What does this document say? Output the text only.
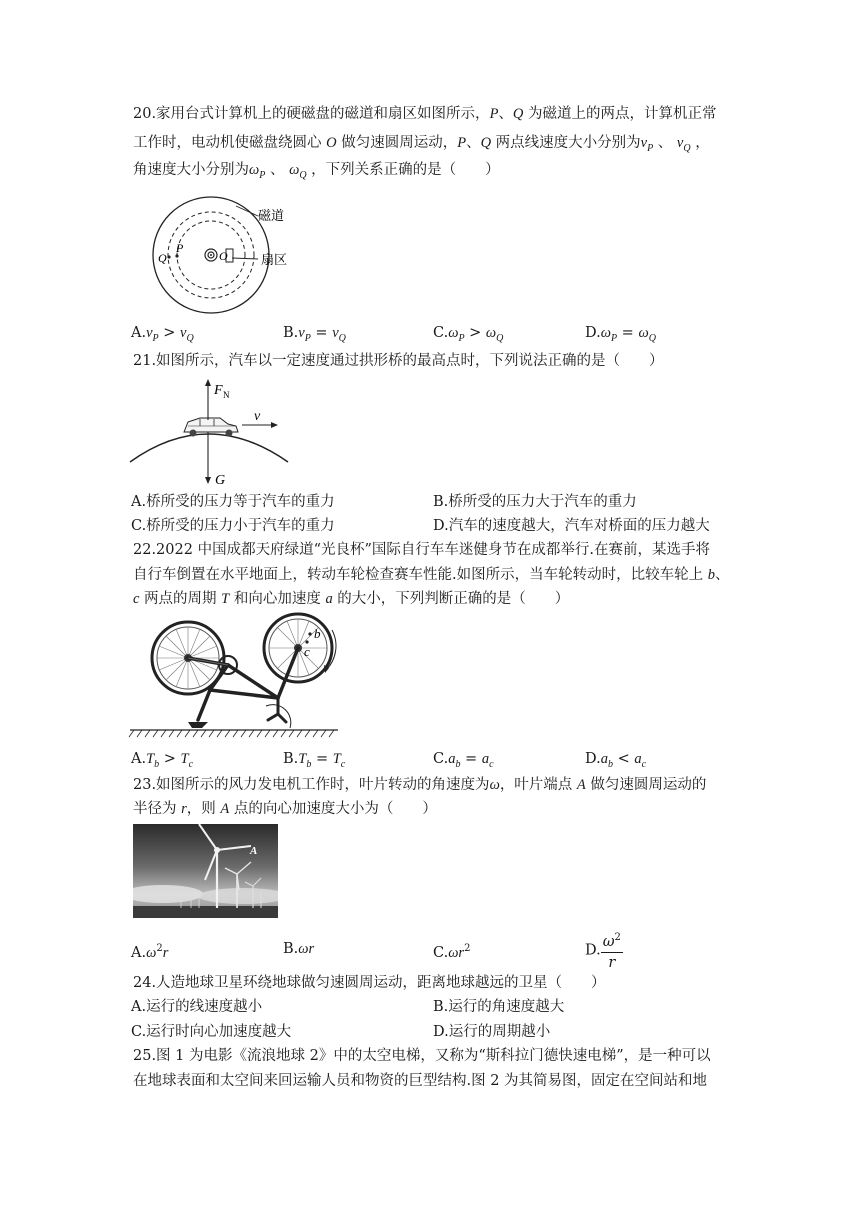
20.家用台式计算机上的硬磁盘的磁道和扇区如图所示，P、Q 为磁道上的两点，计算机正常
工作时，电动机使磁盘绕圆心 O 做匀速圆周运动，P、Q 两点线速度大小分别为$v_P$ 、 $v_Q$ ，
角速度大小分别为$\omega_P$ 、 $\omega_Q$ ，下列关系正确的是（　　）
磁道
扇区
Q
P
O
$A.v_P > v_Q$	$B.v_P = v_Q$	$C.\omega_P > \omega_Q$	$D.\omega_P = \omega_Q$
21.如图所示，汽车以一定速度通过拱形桥的最高点时，下列说法正确的是（　　）
F N
v
G
A.桥所受的压力等于汽车的重力	B.桥所受的压力大于汽车的重力
C.桥所受的压力小于汽车的重力	D.汽车的速度越大，汽车对桥面的压力越大
22.2022 中国成都天府绿道“光良杯”国际自行车车迷健身节在成都举行.在赛前，某选手将
自行车倒置在水平地面上，转动车轮检查赛车性能.如图所示，当车轮转动时，比较车轮上 b、
c 两点的周期 T 和向心加速度 a 的大小，下列判断正确的是（　　）
b
c
$A.T_b > T_c$	$B.T_b = T_c$	$C.a_b = a_c$	$D.a_b < a_c$
23.如图所示的风力发电机工作时，叶片转动的角速度为ω，叶片端点 A 做匀速圆周运动的
半径为 r，则 A 点的向心加速度大小为（　　）
A
$A.\omega^2r$	B.ωr	$C.\omega r^2$	D. $\frac{\omega^2}{r}$
24.人造地球卫星环绕地球做匀速圆周运动，距离地球越远的卫星（　　）
A.运行的线速度越小	B.运行的角速度越大
C.运行时向心加速度越大	D.运行的周期越小
25.图 1 为电影《流浪地球 2》中的太空电梯，又称为“斯科拉门德快速电梯”，是一种可以
在地球表面和太空间来回运输人员和物资的巨型结构.图 2 为其简易图，固定在空间站和地
